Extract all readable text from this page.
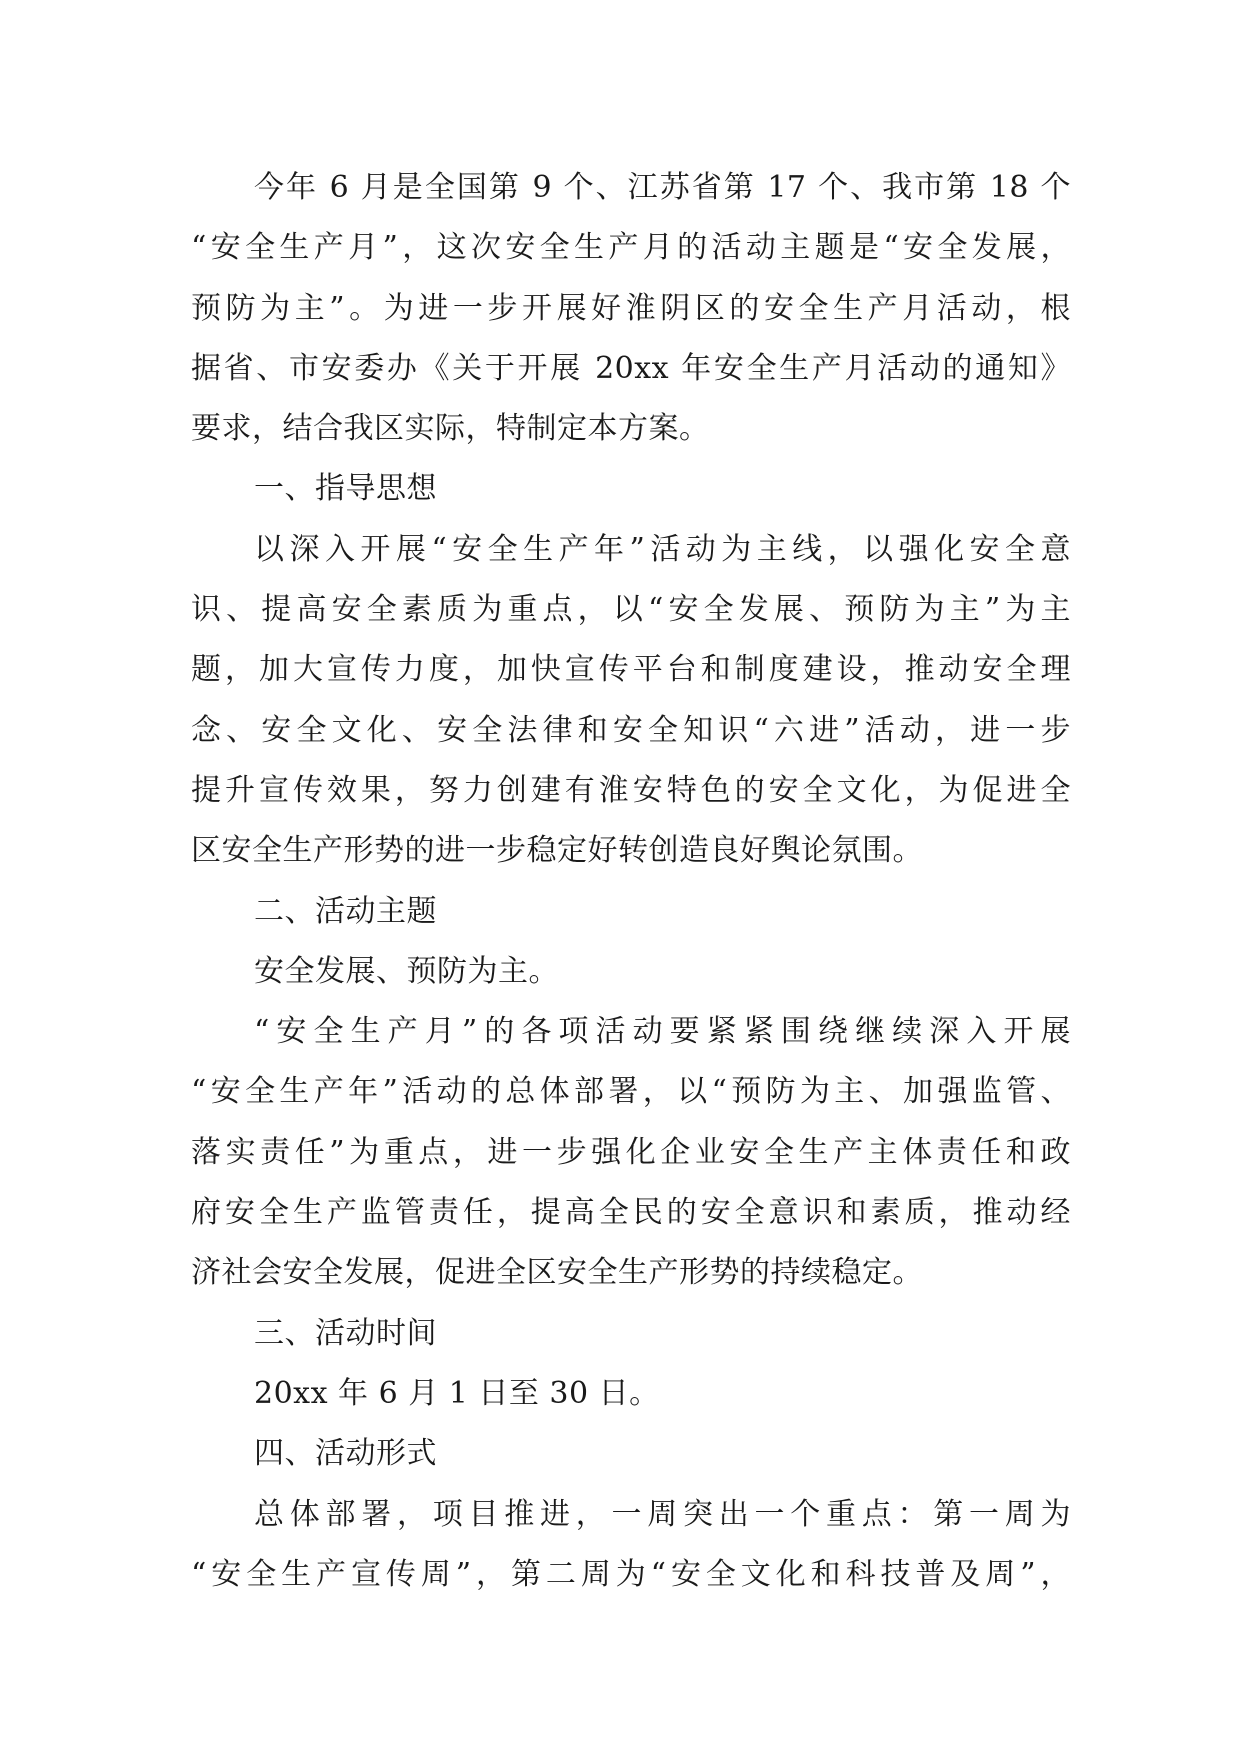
今年 6 月是全国第 9 个、江苏省第 17 个、我市第 18 个
“安全生产月”，这次安全生产月的活动主题是“安全发展，
预防为主”。为进一步开展好淮阴区的安全生产月活动，根
据省、市安委办《关于开展 20xx 年安全生产月活动的通知》
要求，结合我区实际，特制定本方案。
一、指导思想
以深入开展“安全生产年”活动为主线，以强化安全意
识、提高安全素质为重点，以“安全发展、预防为主”为主
题，加大宣传力度，加快宣传平台和制度建设，推动安全理
念、安全文化、安全法律和安全知识“六进”活动，进一步
提升宣传效果，努力创建有淮安特色的安全文化，为促进全
区安全生产形势的进一步稳定好转创造良好舆论氛围。
二、活动主题
安全发展、预防为主。
“安全生产月”的各项活动要紧紧围绕继续深入开展
“安全生产年”活动的总体部署，以“预防为主、加强监管、
落实责任”为重点，进一步强化企业安全生产主体责任和政
府安全生产监管责任，提高全民的安全意识和素质，推动经
济社会安全发展，促进全区安全生产形势的持续稳定。
三、活动时间
20xx 年 6 月 1 日至 30 日。
四、活动形式
总体部署，项目推进，一周突出一个重点：第一周为
“安全生产宣传周”，第二周为“安全文化和科技普及周”，
